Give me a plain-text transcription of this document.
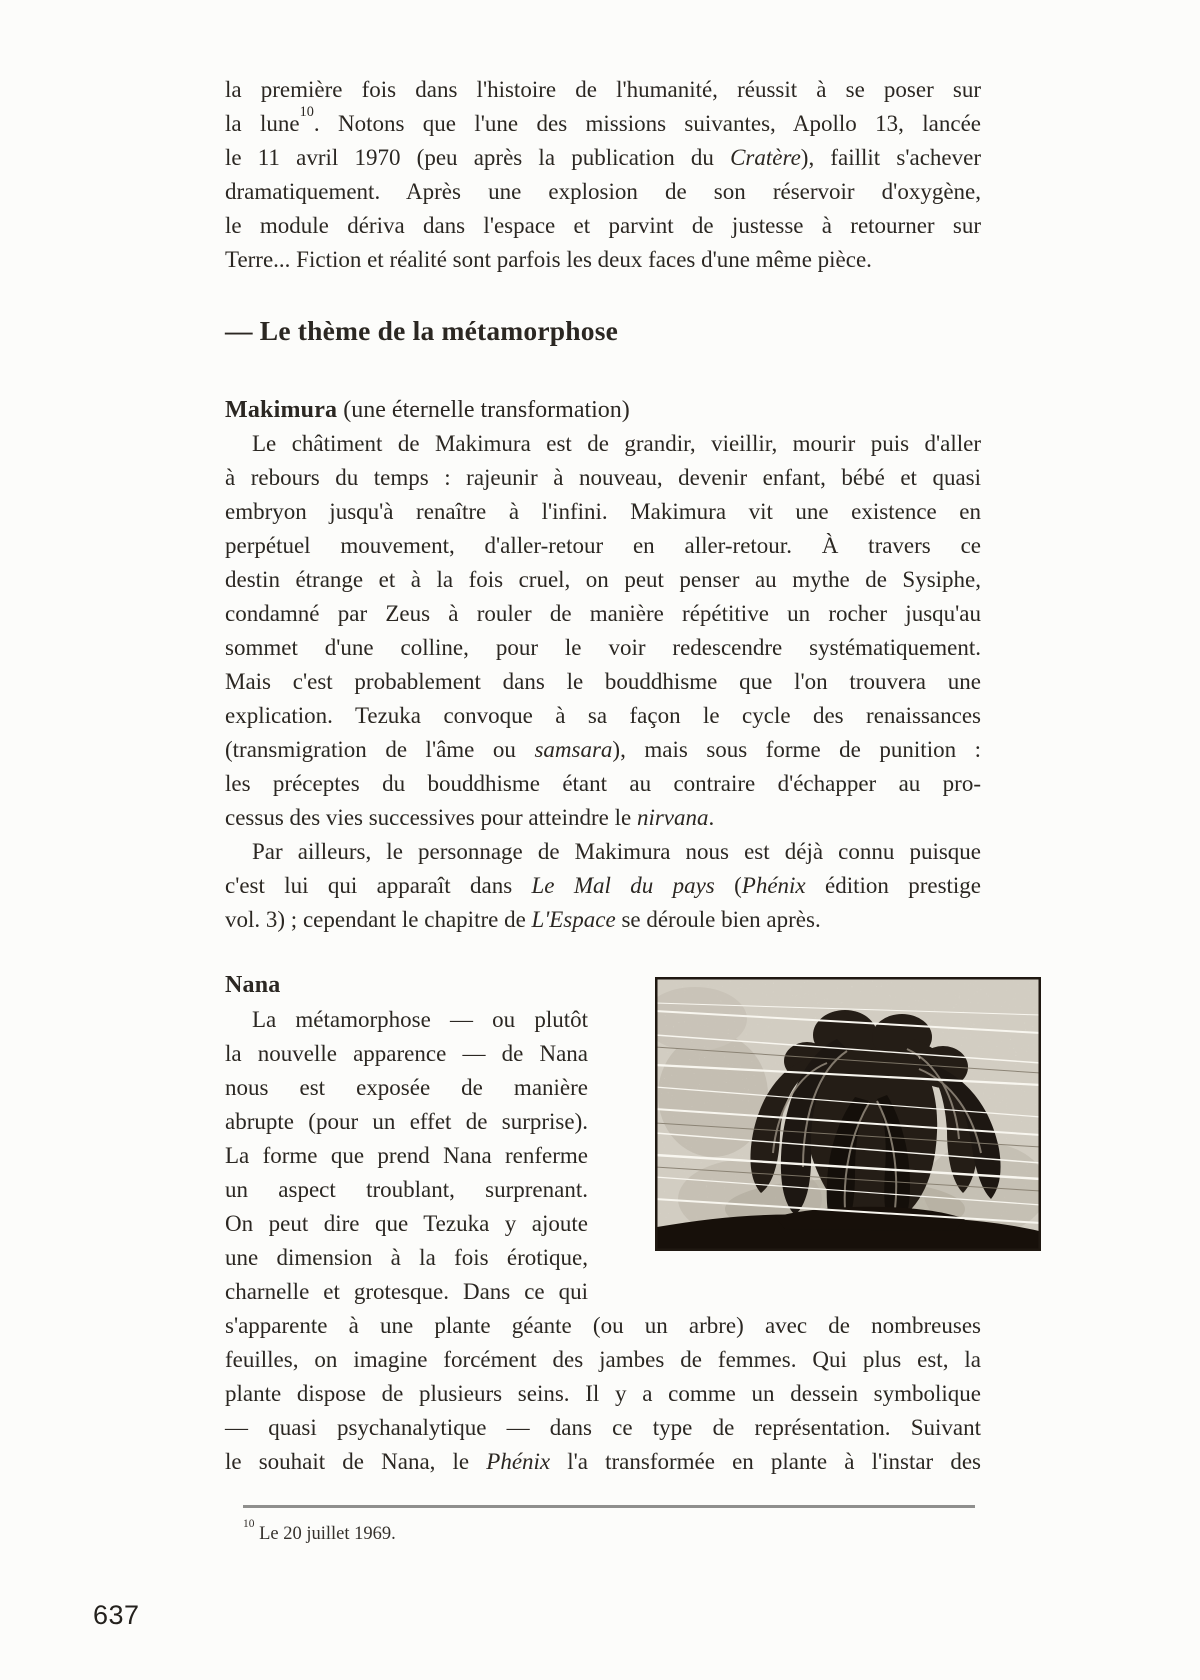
la première fois dans l'histoire de l'humanité, réussit à se poser sur
la lune$^{10}$. Notons que l'une des missions suivantes, Apollo 13, lancée
le 11 avril 1970 (peu après la publication du Cratère), faillit s'achever
dramatiquement. Après une explosion de son réservoir d'oxygène,
le module dériva dans l'espace et parvint de justesse à retourner sur
Terre... Fiction et réalité sont parfois les deux faces d'une même pièce.
— Le thème de la métamorphose
Makimura (une éternelle transformation)
Le châtiment de Makimura est de grandir, vieillir, mourir puis d'aller
à rebours du temps : rajeunir à nouveau, devenir enfant, bébé et quasi
embryon jusqu'à renaître à l'infini. Makimura vit une existence en
perpétuel mouvement, d'aller-retour en aller-retour. À travers ce
destin étrange et à la fois cruel, on peut penser au mythe de Sysiphe,
condamné par Zeus à rouler de manière répétitive un rocher jusqu'au
sommet d'une colline, pour le voir redescendre systématiquement.
Mais c'est probablement dans le bouddhisme que l'on trouvera une
explication. Tezuka convoque à sa façon le cycle des renaissances
(transmigration de l'âme ou samsara), mais sous forme de punition :
les préceptes du bouddhisme étant au contraire d'échapper au pro-
cessus des vies successives pour atteindre le nirvana.
Par ailleurs, le personnage de Makimura nous est déjà connu puisque
c'est lui qui apparaît dans Le Mal du pays (Phénix édition prestige
vol. 3) ; cependant le chapitre de L'Espace se déroule bien après.
Nana
La métamorphose — ou plutôt
la nouvelle apparence — de Nana
nous est exposée de manière
abrupte (pour un effet de surprise).
La forme que prend Nana renferme
un aspect troublant, surprenant.
On peut dire que Tezuka y ajoute
une dimension à la fois érotique,
charnelle et grotesque. Dans ce qui
s'apparente à une plante géante (ou un arbre) avec de nombreuses
feuilles, on imagine forcément des jambes de femmes. Qui plus est, la
plante dispose de plusieurs seins. Il y a comme un dessein symbolique
— quasi psychanalytique — dans ce type de représentation. Suivant
le souhait de Nana, le Phénix l'a transformée en plante à l'instar des
$^{10}$ Le 20 juillet 1969.
637
